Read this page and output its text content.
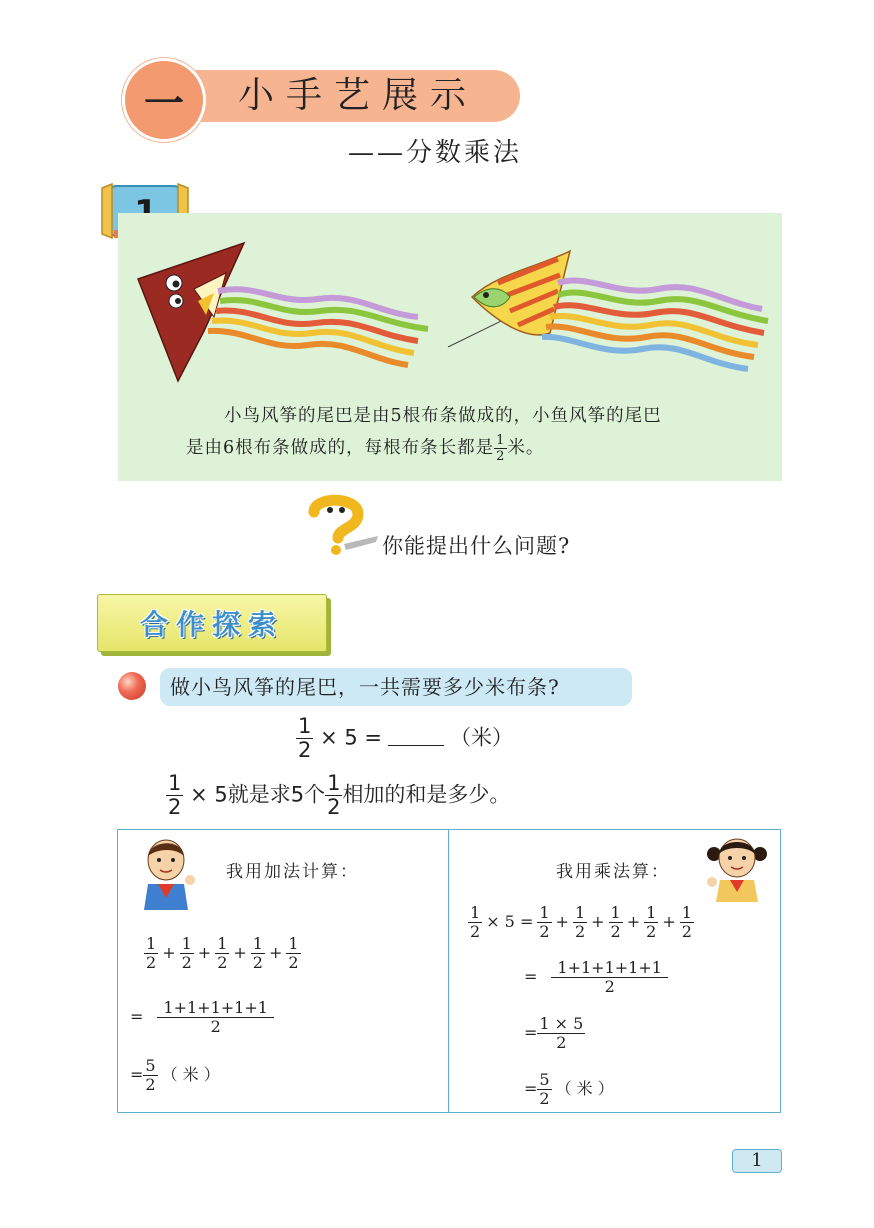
一 小手艺展示
——分数乘法
小鸟风筝的尾巴是由5根布条做成的，小鱼风筝的尾巴
是由6根布条做成的，每根布条长都是 $\frac{1}{2}$ 米。
你能提出什么问题?
合作探索
做小鸟风筝的尾巴，一共需要多少米布条?
$\frac{1}{2} \times 5$ =	（米）
$\frac{1}{2} \times 5$就是求5个 $\frac{1}{2}$ 相加的和是多少。
我用加法计算：
$\frac{1}{2} + \frac{1}{2} + \frac{1}{2} + \frac{1}{2} + \frac{1}{2}$
= $\frac{1+1+1+1+1}{2}$
= $\frac{5}{2}$ （ 米 ）
我用乘法算：
$\frac{1}{2} \times 5 = \frac{1}{2} + \frac{1}{2} + \frac{1}{2} + \frac{1}{2} + \frac{1}{2}$
= $\frac{1+1+1+1+1}{2}$
= $\frac{1 \times 5}{2}$
= $\frac{5}{2}$ （ 米 ）
1
